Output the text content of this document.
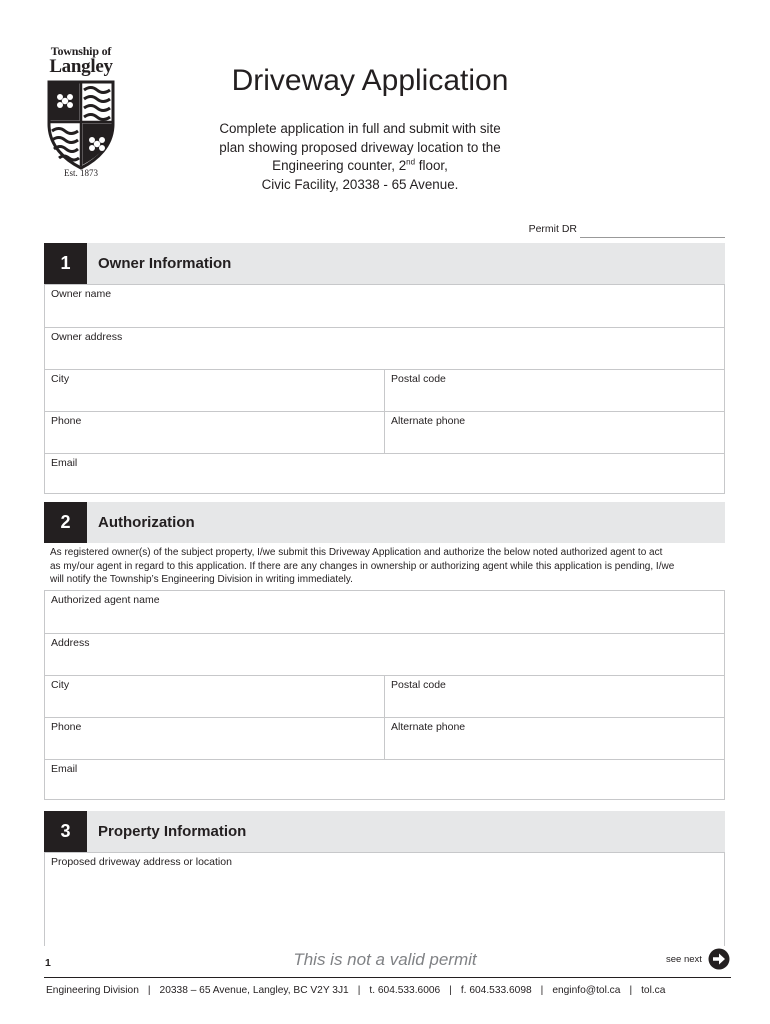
Township of
Langley
Est. 1873
Driveway Application
Complete application in full and submit with site
plan showing proposed driveway location to the
Engineering counter, 2nd floor,
Civic Facility, 20338 - 65 Avenue.
Permit DR
1	Owner Information
Owner name
Owner address
City	Postal code
Phone	Alternate phone
Email
2	Authorization
As registered owner(s) of the subject property, I/we submit this Driveway Application and authorize the below noted authorized agent to act
as my/our agent in regard to this application. If there are any changes in ownership or authorizing agent while this application is pending, I/we
will notify the Township’s Engineering Division in writing immediately.
Authorized agent name
Address
City	Postal code
Phone	Alternate phone
Email
3	Property Information
Proposed driveway address or location
1	This is not a valid permit	see next
Engineering Division | 20338 – 65 Avenue, Langley, BC V2Y 3J1 | t. 604.533.6006 | f. 604.533.6098 | enginfo@tol.ca | tol.ca
